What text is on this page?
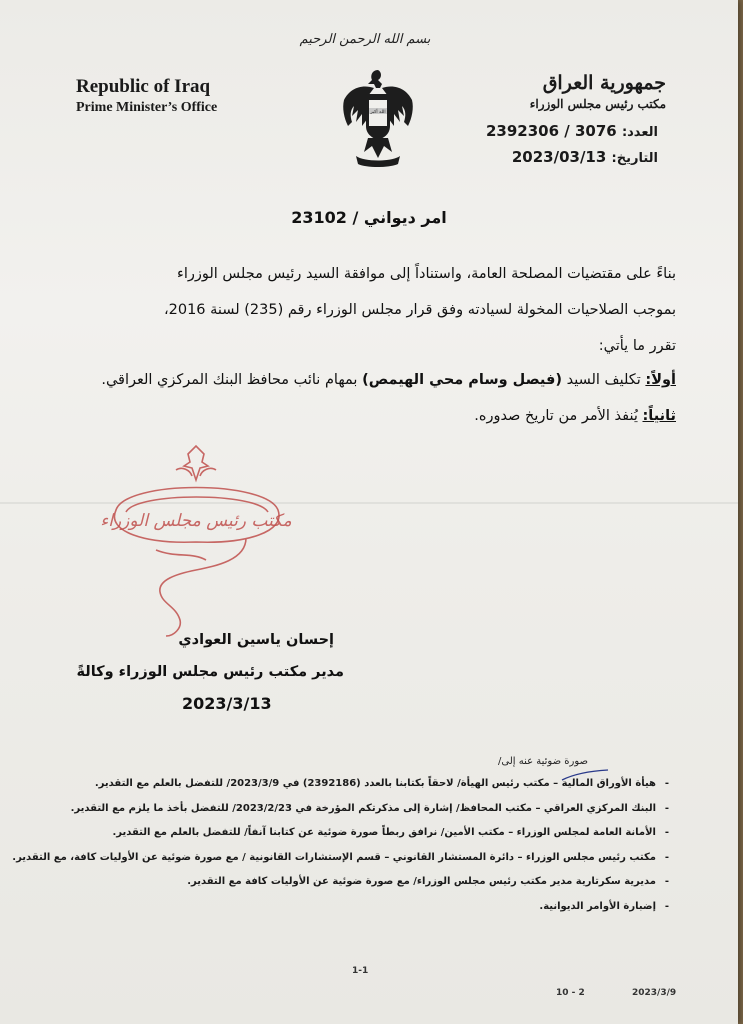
بسم الله الرحمن الرحيم
Republic of Iraq
Prime Minister’s Office	الله أكبر
جمهورية العراق
مكتب رئيس مجلس الوزراء
العدد: 2392306 / 3076
التاريخ: 2023/03/13
امر ديواني / 23102
بناءً على مقتضيات المصلحة العامة، واستناداً إلى موافقة السيد رئيس مجلس الوزراء
بموجب الصلاحيات المخولة لسيادته وفق قرار مجلس الوزراء رقم (235) لسنة 2016،
تقرر ما يأتي:
أولاً: تكليف السيد (فيصل وسام محي الهيمص) بمهام نائب محافظ البنك المركزي العراقي.
ثانياً: يُنفذ الأمر من تاريخ صدوره.
مكتب رئيس مجلس الوزراء
إحسان ياسين العوادي
مدير مكتب رئيس مجلس الوزراء وكالةً
2023/3/13
صورة ضوئية عنه إلى/
-هيأة الأوراق المالية – مكتب رئيس الهيأة/ لاحقاً بكتابنا بالعدد (2392186) في 2023/3/9/ للتفضل بالعلم مع التقدير.
-البنك المركزي العراقي – مكتب المحافظ/ إشارة إلى مذكرتكم المؤرخة في 2023/2/23/ للتفضل بأخذ ما يلزم مع التقدير.
-الأمانة العامة لمجلس الوزراء – مكتب الأمين/ نرافق ربطاً صورة ضوئية عن كتابنا آنفاً/ للتفضل بالعلم مع التقدير.
-مكتب رئيس مجلس الوزراء – دائرة المستشار القانوني – قسم الإستشارات القانونية / مع صورة ضوئية عن الأوليات كافة، مع التقدير.
-مديرية سكرتارية مدير مكتب رئيس مجلس الوزراء/ مع صورة ضوئية عن الأوليات كافة مع التقدير.
-إضبارة الأوامر الديوانية.
1-1
10 - 2	2023/3/9
